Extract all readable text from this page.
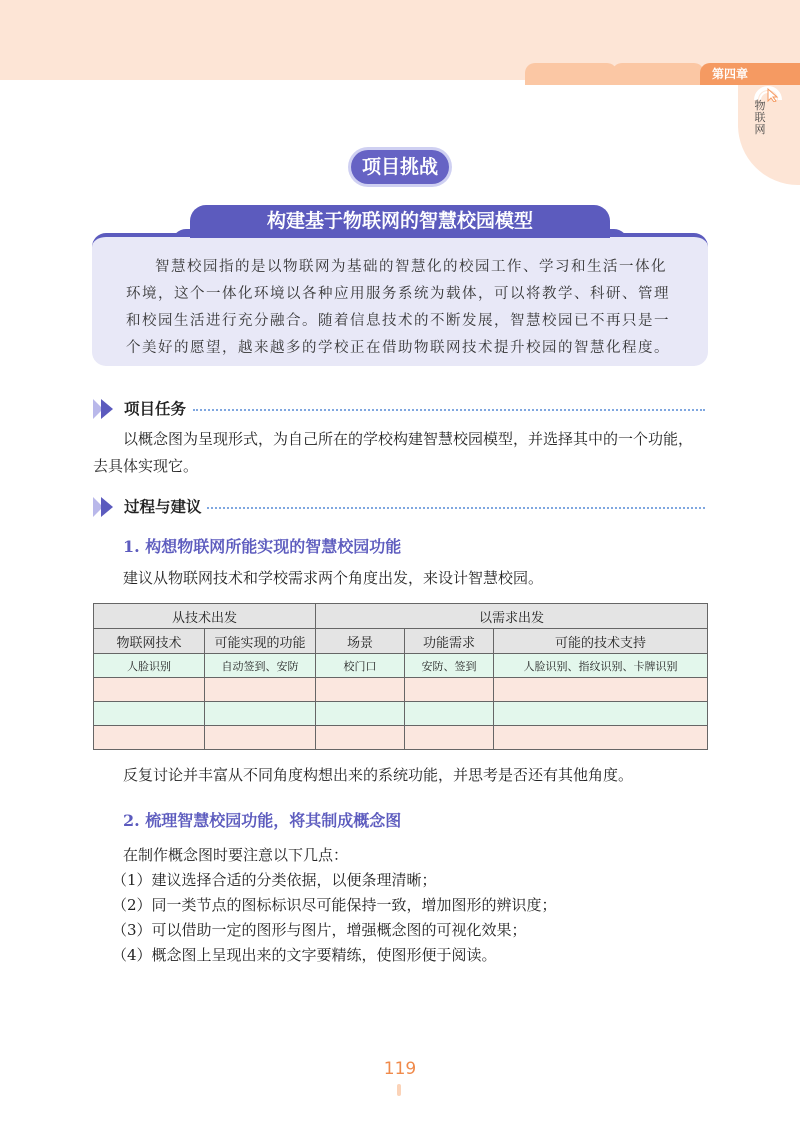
第四章
物联网
项目挑战
构建基于物联网的智慧校园模型
智慧校园指的是以物联网为基础的智慧化的校园工作、学习和生活一体化环境，这个一体化环境以各种应用服务系统为载体，可以将教学、科研、管理和校园生活进行充分融合。随着信息技术的不断发展，智慧校园已不再只是一个美好的愿望，越来越多的学校正在借助物联网技术提升校园的智慧化程度。
项目任务
以概念图为呈现形式，为自己所在的学校构建智慧校园模型，并选择其中的一个功能，去具体实现它。
过程与建议
1. 构想物联网所能实现的智慧校园功能
建议从物联网技术和学校需求两个角度出发，来设计智慧校园。
从技术出发		以需求出发		
物联网技术	可能实现的功能	场景	功能需求	可能的技术支持
人脸识别	自动签到、安防	校门口	安防、签到	人脸识别、指纹识别、卡牌识别

反复讨论并丰富从不同角度构想出来的系统功能，并思考是否还有其他角度。
2. 梳理智慧校园功能，将其制成概念图
在制作概念图时要注意以下几点：
（1）建议选择合适的分类依据，以便条理清晰；
（2）同一类节点的图标标识尽可能保持一致，增加图形的辨识度；
（3）可以借助一定的图形与图片，增强概念图的可视化效果；
（4）概念图上呈现出来的文字要精练，使图形便于阅读。
119
